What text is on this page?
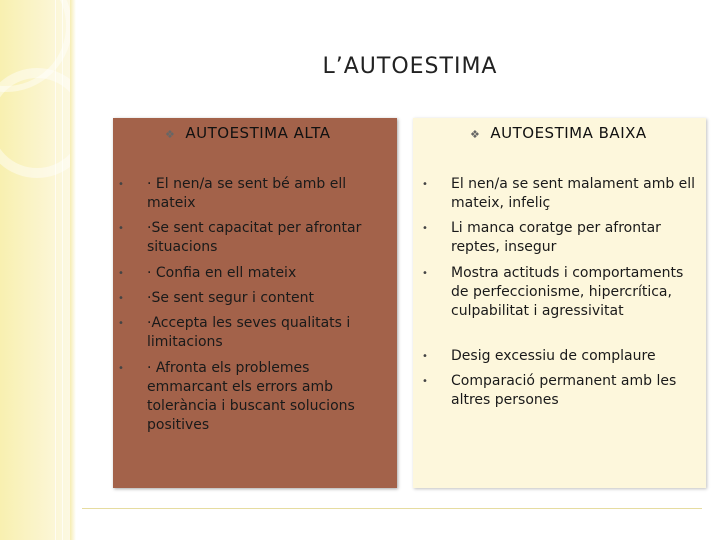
L’AUTOESTIMA
❖ AUTOESTIMA ALTA	❖ AUTOESTIMA BAIXA
• · El nen/a se sent bé amb ell mateix
• ·Se sent capacitat per afrontar situacions
• · Confia en ell mateix
• ·Se sent segur i content
• ·Accepta les seves qualitats i limitacions
• · Afronta els problemes emmarcant els errors amb tolerància i buscant solucions positives
• El nen/a se sent malament amb ell mateix, infeliç
• Li manca coratge per afrontar reptes, insegur
• Mostra actituds i comportaments de perfeccionisme, hipercrítica, culpabilitat i agressivitat
• Desig excessiu de complaure
• Comparació permanent amb les altres persones
